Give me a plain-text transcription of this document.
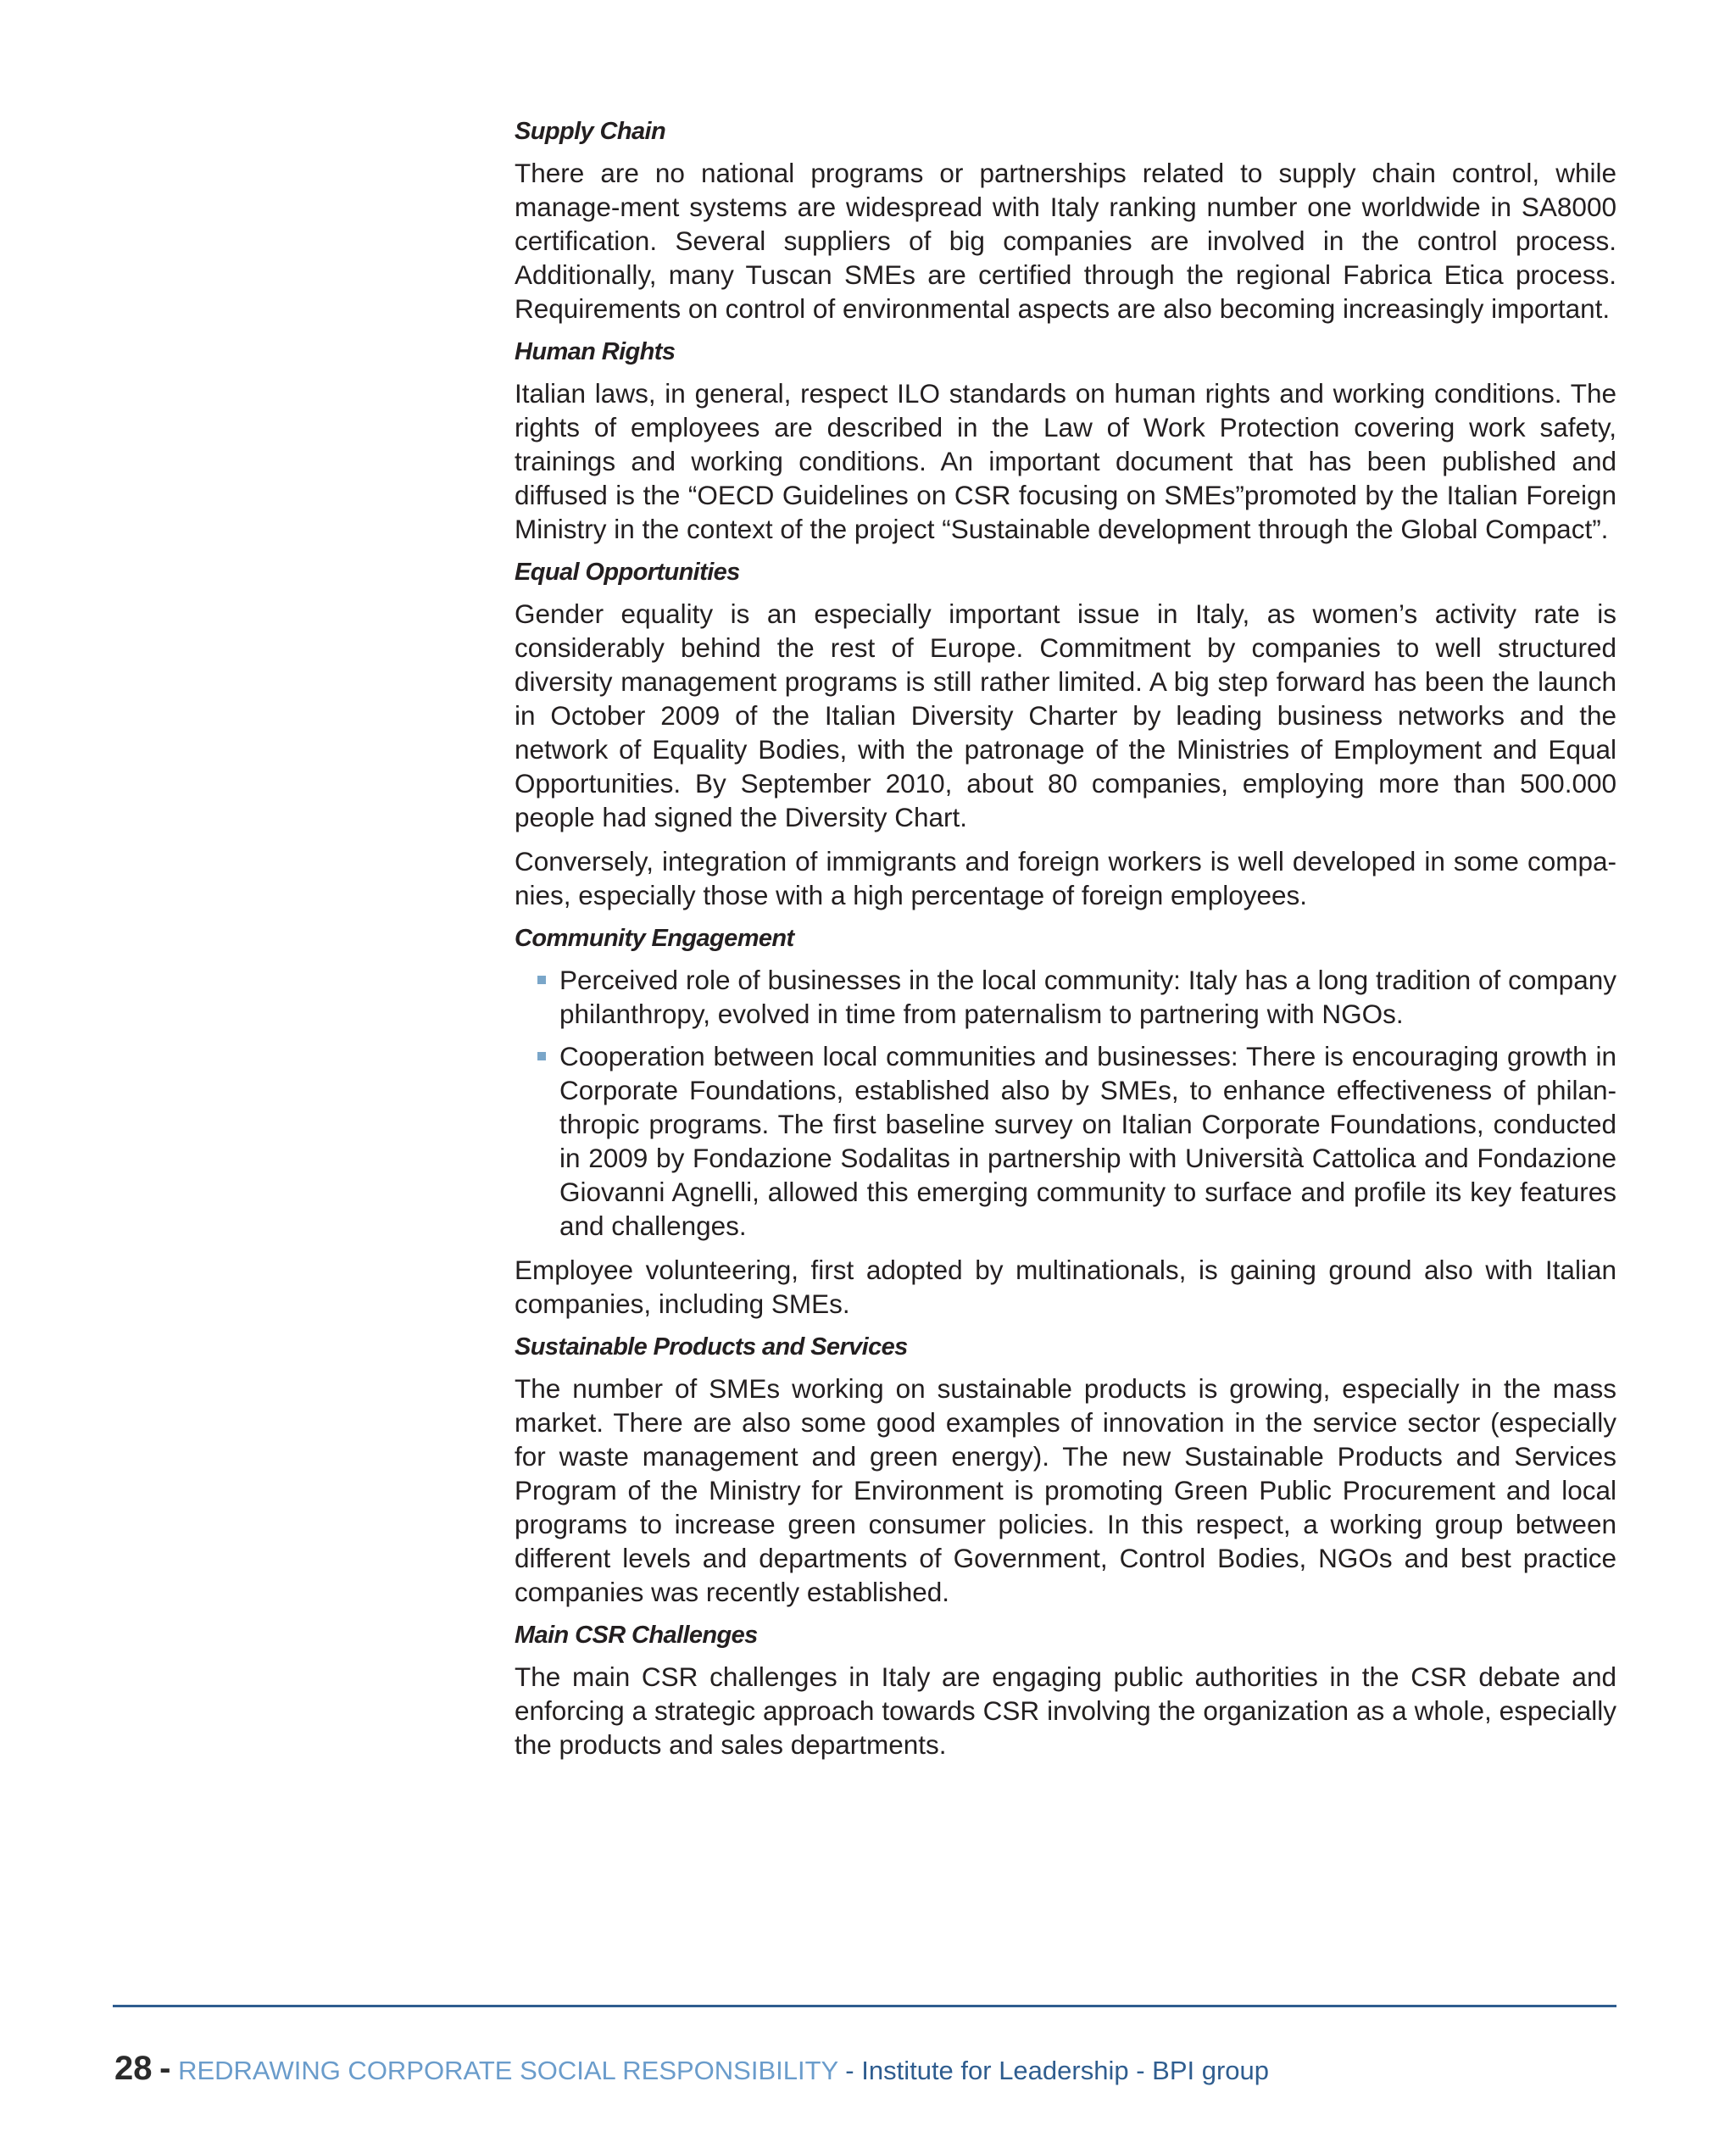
Supply Chain

There are no national programs or partnerships related to supply chain control, while manage-ment systems are widespread with Italy ranking number one worldwide in SA8000 certification. Several suppliers of big companies are involved in the control process. Additionally, many Tuscan SMEs are certified through the regional Fabrica Etica process. Requirements on control of environmental aspects are also becoming increasingly important.

Human Rights

Italian laws, in general, respect ILO standards on human rights and working conditions. The rights of employees are described in the Law of Work Protection covering work safety, trainings and working conditions. An important document that has been published and diffused is the “OECD Guidelines on CSR focusing on SMEs”promoted by the Italian Foreign Ministry in the context of the project “Sustainable development through the Global Compact”.

Equal Opportunities

Gender equality is an especially important issue in Italy, as women’s activity rate is considerably behind the rest of Europe. Commitment by companies to well structured diversity management programs is still rather limited. A big step forward has been the launch in October 2009 of the Italian Diversity Charter by leading business networks and the network of Equality Bodies, with the patronage of the Ministries of Employment and Equal Opportunities. By September 2010, about 80 companies, employing more than 500.000 people had signed the Diversity Chart.

Conversely, integration of immigrants and foreign workers is well developed in some compa-nies, especially those with a high percentage of foreign employees.

Community Engagement
Perceived role of businesses in the local community: Italy has a long tradition of company philanthropy, evolved in time from paternalism to partnering with NGOs.
Cooperation between local communities and businesses: There is encouraging growth in Corporate Foundations, established also by SMEs, to enhance effectiveness of philan-thropic programs. The first baseline survey on Italian Corporate Foundations, conducted in 2009 by Fondazione Sodalitas in partnership with Università Cattolica and Fondazione Giovanni Agnelli, allowed this emerging community to surface and profile its key features and challenges.

Employee volunteering, first adopted by multinationals, is gaining ground also with Italian companies, including SMEs.

Sustainable Products and Services

The number of SMEs working on sustainable products is growing, especially in the mass market. There are also some good examples of innovation in the service sector (especially for waste management and green energy). The new Sustainable Products and Services Program of the Ministry for Environment is promoting Green Public Procurement and local programs to increase green consumer policies. In this respect, a working group between different levels and departments of Government, Control Bodies, NGOs and best practice companies was recently established.

Main CSR Challenges

The main CSR challenges in Italy are engaging public authorities in the CSR debate and enforcing a strategic approach towards CSR involving the organization as a whole, especially the products and sales departments.

28 - REDRAWING CORPORATE SOCIAL RESPONSIBILITY - Institute for Leadership - BPI group
